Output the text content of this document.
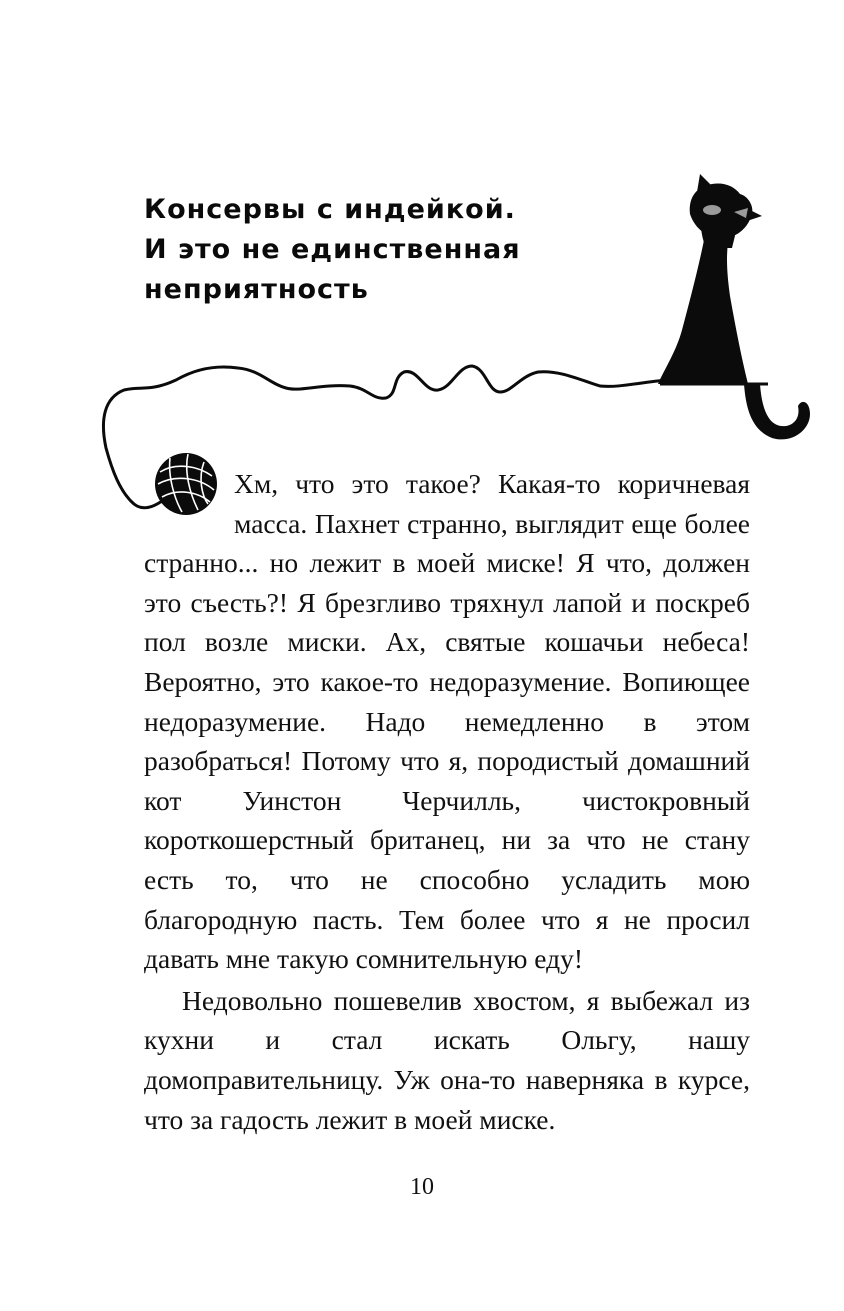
Консервы с индейкой.
И это не единственная
неприятность

Хм, что это такое? Какая-то коричневая масса. Пахнет странно, выглядит еще более странно... но лежит в моей миске! Я что, должен это съесть?! Я брезгливо тряхнул лапой и поскреб пол возле миски. Ах, святые кошачьи небеса! Вероятно, это какое-то недоразумение. Вопиющее недоразумение. Надо немедленно в этом разобраться! Потому что я, породистый домашний кот Уинстон Черчилль, чистокровный короткошерстный британец, ни за что не стану есть то, что не способно усладить мою благородную пасть. Тем более что я не просил давать мне такую сомнительную еду!

Недовольно пошевелив хвостом, я выбежал из кухни и стал искать Ольгу, нашу домоправительницу. Уж она-то наверняка в курсе, что за гадость лежит в моей миске.

10
